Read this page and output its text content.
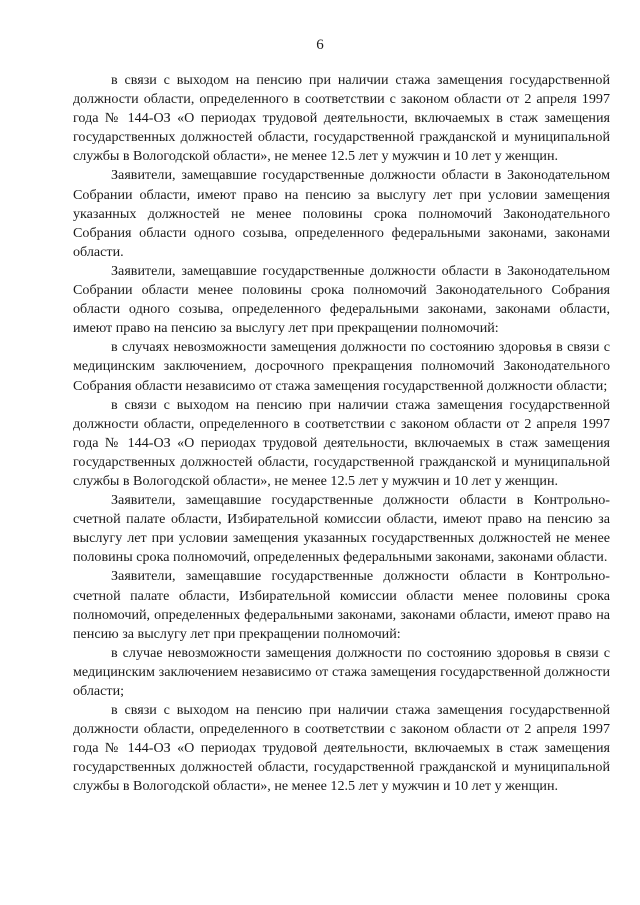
6

в связи с выходом на пенсию при наличии стажа замещения государственной должности области, определенного в соответствии с законом области от 2 апреля 1997 года № 144-ОЗ «О периодах трудовой деятельности, включаемых в стаж замещения государственных должностей области, государственной гражданской и муниципальной службы в Вологодской области», не менее 12.5 лет у мужчин и 10 лет у женщин.

Заявители, замещавшие государственные должности области в Законодательном Собрании области, имеют право на пенсию за выслугу лет при условии замещения указанных должностей не менее половины срока полномочий Законодательного Собрания области одного созыва, определенного федеральными законами, законами области.

Заявители, замещавшие государственные должности области в Законодательном Собрании области менее половины срока полномочий Законодательного Собрания области одного созыва, определенного федеральными законами, законами области, имеют право на пенсию за выслугу лет при прекращении полномочий:

в случаях невозможности замещения должности по состоянию здоровья в связи с медицинским заключением, досрочного прекращения полномочий Законодательного Собрания области независимо от стажа замещения государственной должности области;

в связи с выходом на пенсию при наличии стажа замещения государственной должности области, определенного в соответствии с законом области от 2 апреля 1997 года № 144-ОЗ «О периодах трудовой деятельности, включаемых в стаж замещения государственных должностей области, государственной гражданской и муниципальной службы в Вологодской области», не менее 12.5 лет у мужчин и 10 лет у женщин.

Заявители, замещавшие государственные должности области в Контрольно-счетной палате области, Избирательной комиссии области, имеют право на пенсию за выслугу лет при условии замещения указанных государственных должностей не менее половины срока полномочий, определенных федеральными законами, законами области.

Заявители, замещавшие государственные должности области в Контрольно-счетной палате области, Избирательной комиссии области менее половины срока полномочий, определенных федеральными законами, законами области, имеют право на пенсию за выслугу лет при прекращении полномочий:

в случае невозможности замещения должности по состоянию здоровья в связи с медицинским заключением независимо от стажа замещения государственной должности области;

в связи с выходом на пенсию при наличии стажа замещения государственной должности области, определенного в соответствии с законом области от 2 апреля 1997 года № 144-ОЗ «О периодах трудовой деятельности, включаемых в стаж замещения государственных должностей области, государственной гражданской и муниципальной службы в Вологодской области», не менее 12.5 лет у мужчин и 10 лет у женщин.
